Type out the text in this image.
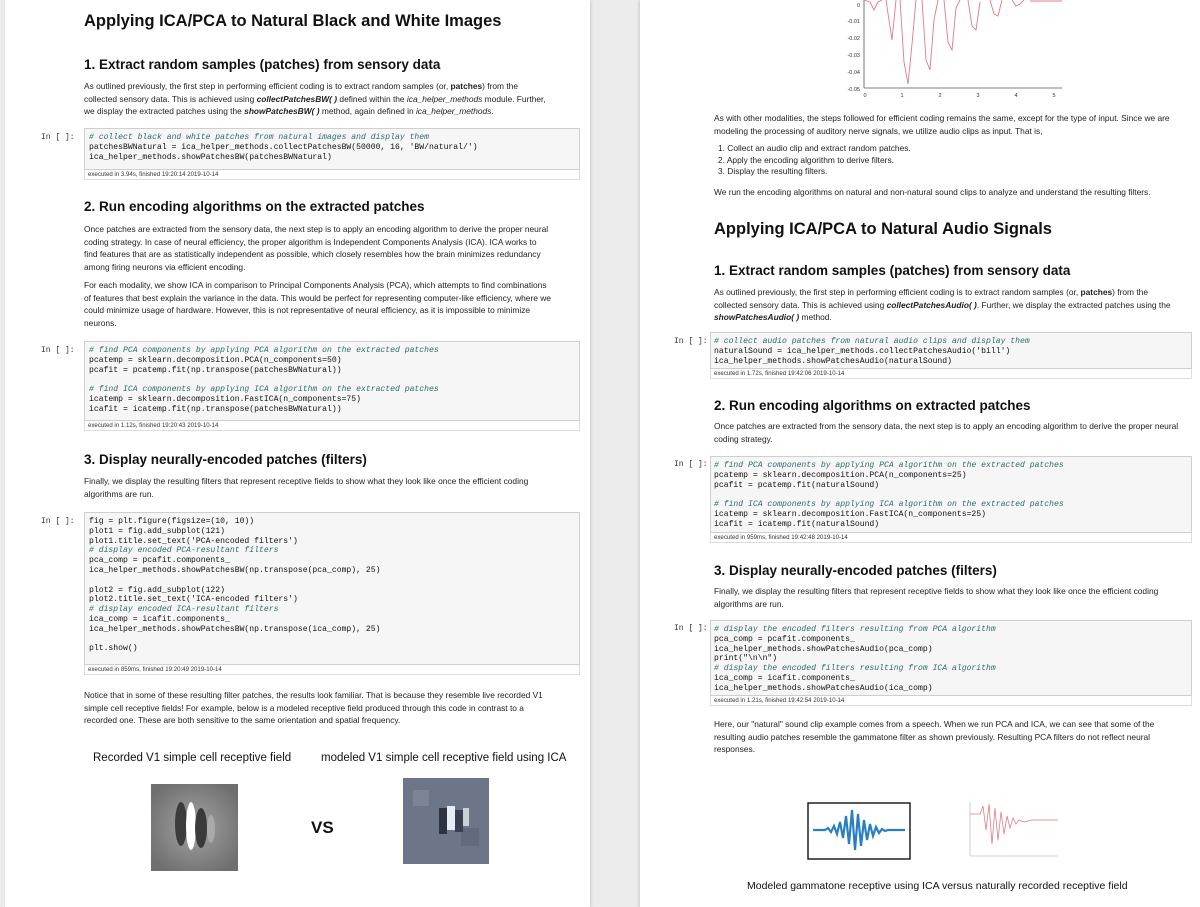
Applying ICA/PCA to Natural Black and White Images
1. Extract random samples (patches) from sensory data
As outlined previously, the first step in performing efficient coding is to extract random samples (or, patches) from the
collected sensory data. This is achieved using collectPatchesBW( ) defined within the ica_helper_methods module. Further,
we display the extracted patches using the showPatchesBW( ) method, again defined in ica_helper_methods.
In [ ]: # collect black and white patches from natural images and display them
patchesBWNatural = ica_helper_methods.collectPatchesBW(50000, 16, 'BW/natural/')
ica_helper_methods.showPatchesBW(patchesBWNatural)
executed in 3.94s, finished 19:20:14 2019-10-14
2. Run encoding algorithms on the extracted patches
Once patches are extracted from the sensory data, the next step is to apply an encoding algorithm to derive the proper neural
coding strategy. In case of neural efficiency, the proper algorithm is Independent Components Analysis (ICA). ICA works to
find features that are as statistically independent as possible, which closely resembles how the brain minimizes redundancy
among firing neurons via efficient encoding.
For each modality, we show ICA in comparison to Principal Components Analysis (PCA), which attempts to find combinations
of features that best explain the variance in the data. This would be perfect for representing computer-like efficiency, where we
could minimize usage of hardware. However, this is not representative of neural efficiency, as it is impossible to minimize
neurons.
In [ ]: # find PCA components by applying PCA algorithm on the extracted patches
pcatemp = sklearn.decomposition.PCA(n_components=50)
pcafit = pcatemp.fit(np.transpose(patchesBWNatural))

# find ICA components by applying ICA algorithm on the extracted patches
icatemp = sklearn.decomposition.FastICA(n_components=75)
icafit = icatemp.fit(np.transpose(patchesBWNatural))
executed in 1.12s, finished 19:20:43 2019-10-14
3. Display neurally-encoded patches (filters)
Finally, we display the resulting filters that represent receptive fields to show what they look like once the efficient coding
algorithms are run.
In [ ]: fig = plt.figure(figsize=(10, 10))
plot1 = fig.add_subplot(121)
plot1.title.set_text('PCA-encoded filters')
# display encoded PCA-resultant filters
pca_comp = pcafit.components_
ica_helper_methods.showPatchesBW(np.transpose(pca_comp), 25)

plot2 = fig.add_subplot(122)
plot2.title.set_text('ICA-encoded filters')
# display encoded ICA-resultant filters
ica_comp = icafit.components_
ica_helper_methods.showPatchesBW(np.transpose(ica_comp), 25)

plt.show()
executed in 859ms, finished 19:20:49 2019-10-14
Notice that in some of these resulting filter patches, the results look familiar. That is because they resemble live recorded V1
simple cell receptive fields! For example, below is a modeled receptive field produced through this code in contrast to a
recorded one. These are both sensitive to the same orientation and spatial frequency.
Recorded V1 simple cell receptive field	modeled V1 simple cell receptive field using ICA
VS
0
-0.01
-0.02
-0.03
-0.04
-0.05
0	1	2	3	4	5
As with other modalities, the steps followed for efficient coding remains the same, except for the type of input. Since we are
modeling the processing of auditory nerve signals, we utilize audio clips as input. That is,
1. Collect an audio clip and extract random patches.
2. Apply the encoding algorithm to derive filters.
3. Display the resulting filters.
We run the encoding algorithms on natural and non-natural sound clips to analyze and understand the resulting filters.
Applying ICA/PCA to Natural Audio Signals
1. Extract random samples (patches) from sensory data
As outlined previously, the first step in performing efficient coding is to extract random samples (or, patches) from the
collected sensory data. This is achieved using collectPatchesAudio( ). Further, we display the extracted patches using the
showPatchesAudio( ) method.
In [ ]: # collect audio patches from natural audio clips and display them
naturalSound = ica_helper_methods.collectPatchesAudio('bill')
ica_helper_methods.showPatchesAudio(naturalSound)
executed in 1.72s, finished 19:42:06 2019-10-14
2. Run encoding algorithms on extracted patches
Once patches are extracted from the sensory data, the next step is to apply an encoding algorithm to derive the proper neural
coding strategy.
In [ ]: # find PCA components by applying PCA algorithm on the extracted patches
pcatemp = sklearn.decomposition.PCA(n_components=25)
pcafit = pcatemp.fit(naturalSound)

# find ICA components by applying ICA algorithm on the extracted patches
icatemp = sklearn.decomposition.FastICA(n_components=25)
icafit = icatemp.fit(naturalSound)
executed in 959ms, finished 19:42:48 2019-10-14
3. Display neurally-encoded patches (filters)
Finally, we display the resulting filters that represent receptive fields to show what they look like once the efficient coding
algorithms are run.
In [ ]: # display the encoded filters resulting from PCA algorithm
pca_comp = pcafit.components_
ica_helper_methods.showPatchesAudio(pca_comp)
print("\n\n")
# display the encoded filters resulting from ICA algorithm
ica_comp = icafit.components_
ica_helper_methods.showPatchesAudio(ica_comp)
executed in 1.21s, finished 19:42:54 2019-10-14
Here, our "natural" sound clip example comes from a speech. When we run PCA and ICA, we can see that some of the
resulting audio patches resemble the gammatone filter as shown previously. Resulting PCA filters do not reflect neural
responses.
Modeled gammatone receptive using ICA versus naturally recorded receptive field
